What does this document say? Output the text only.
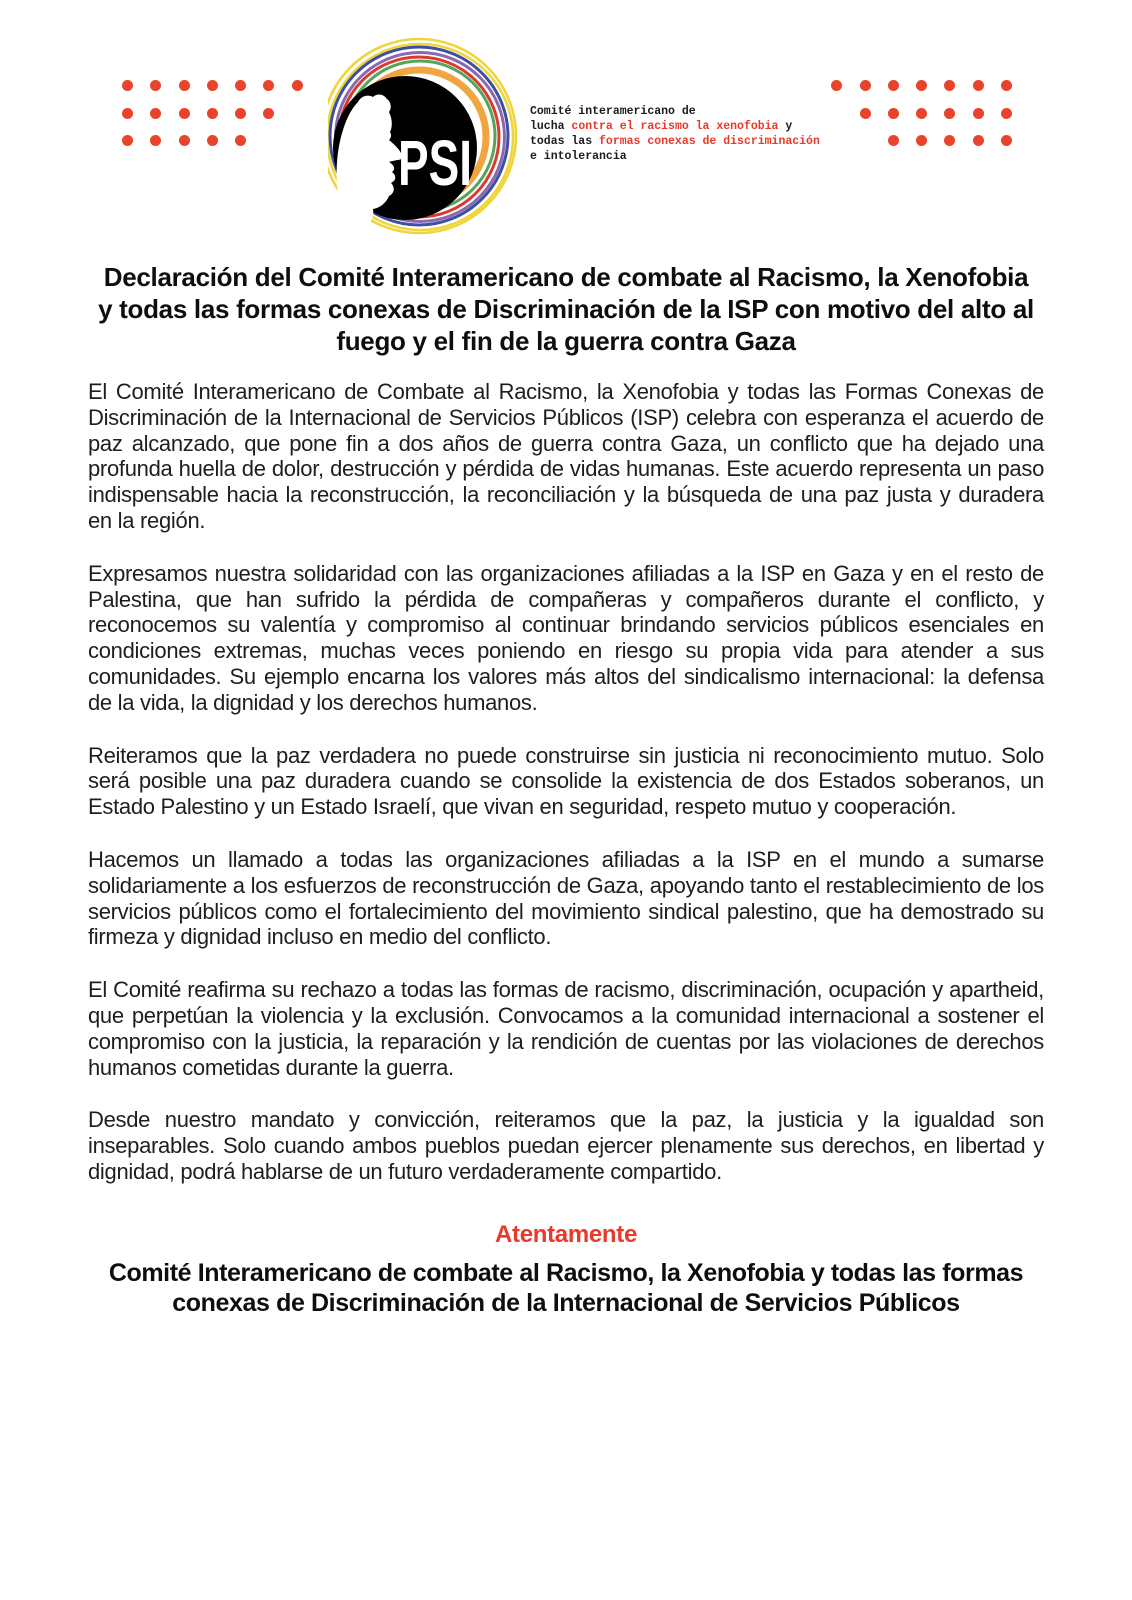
PSI
Comité interamericano de
lucha contra el racismo la xenofobia y
todas las formas conexas de discriminación
e intolerancia
Declaración del Comité Interamericano de combate al Racismo, la Xenofobia y todas las formas conexas de Discriminación de la ISP con motivo del alto al fuego y el fin de la guerra contra Gaza

El Comité Interamericano de Combate al Racismo, la Xenofobia y todas las Formas Conexas de Discriminación de la Internacional de Servicios Públicos (ISP) celebra con esperanza el acuerdo de paz alcanzado, que pone fin a dos años de guerra contra Gaza, un conflicto que ha dejado una profunda huella de dolor, destrucción y pérdida de vidas humanas. Este acuerdo representa un paso indispensable hacia la reconstrucción, la reconciliación y la búsqueda de una paz justa y duradera en la región.

Expresamos nuestra solidaridad con las organizaciones afiliadas a la ISP en Gaza y en el resto de Palestina, que han sufrido la pérdida de compañeras y compañeros durante el conflicto, y reconocemos su valentía y compromiso al continuar brindando servicios públicos esenciales en condiciones extremas, muchas veces poniendo en riesgo su propia vida para atender a sus comunidades. Su ejemplo encarna los valores más altos del sindicalismo internacional: la defensa de la vida, la dignidad y los derechos humanos.

Reiteramos que la paz verdadera no puede construirse sin justicia ni reconocimiento mutuo. Solo será posible una paz duradera cuando se consolide la existencia de dos Estados soberanos, un Estado Palestino y un Estado Israelí, que vivan en seguridad, respeto mutuo y cooperación.

Hacemos un llamado a todas las organizaciones afiliadas a la ISP en el mundo a sumarse solidariamente a los esfuerzos de reconstrucción de Gaza, apoyando tanto el restablecimiento de los servicios públicos como el fortalecimiento del movimiento sindical palestino, que ha demostrado su firmeza y dignidad incluso en medio del conflicto.

El Comité reafirma su rechazo a todas las formas de racismo, discriminación, ocupación y apartheid, que perpetúan la violencia y la exclusión. Convocamos a la comunidad internacional a sostener el compromiso con la justicia, la reparación y la rendición de cuentas por las violaciones de derechos humanos cometidas durante la guerra.

Desde nuestro mandato y convicción, reiteramos que la paz, la justicia y la igualdad son inseparables. Solo cuando ambos pueblos puedan ejercer plenamente sus derechos, en libertad y dignidad, podrá hablarse de un futuro verdaderamente compartido.

Atentamente
Comité Interamericano de combate al Racismo, la Xenofobia y todas las formas conexas de Discriminación de la Internacional de Servicios Públicos
